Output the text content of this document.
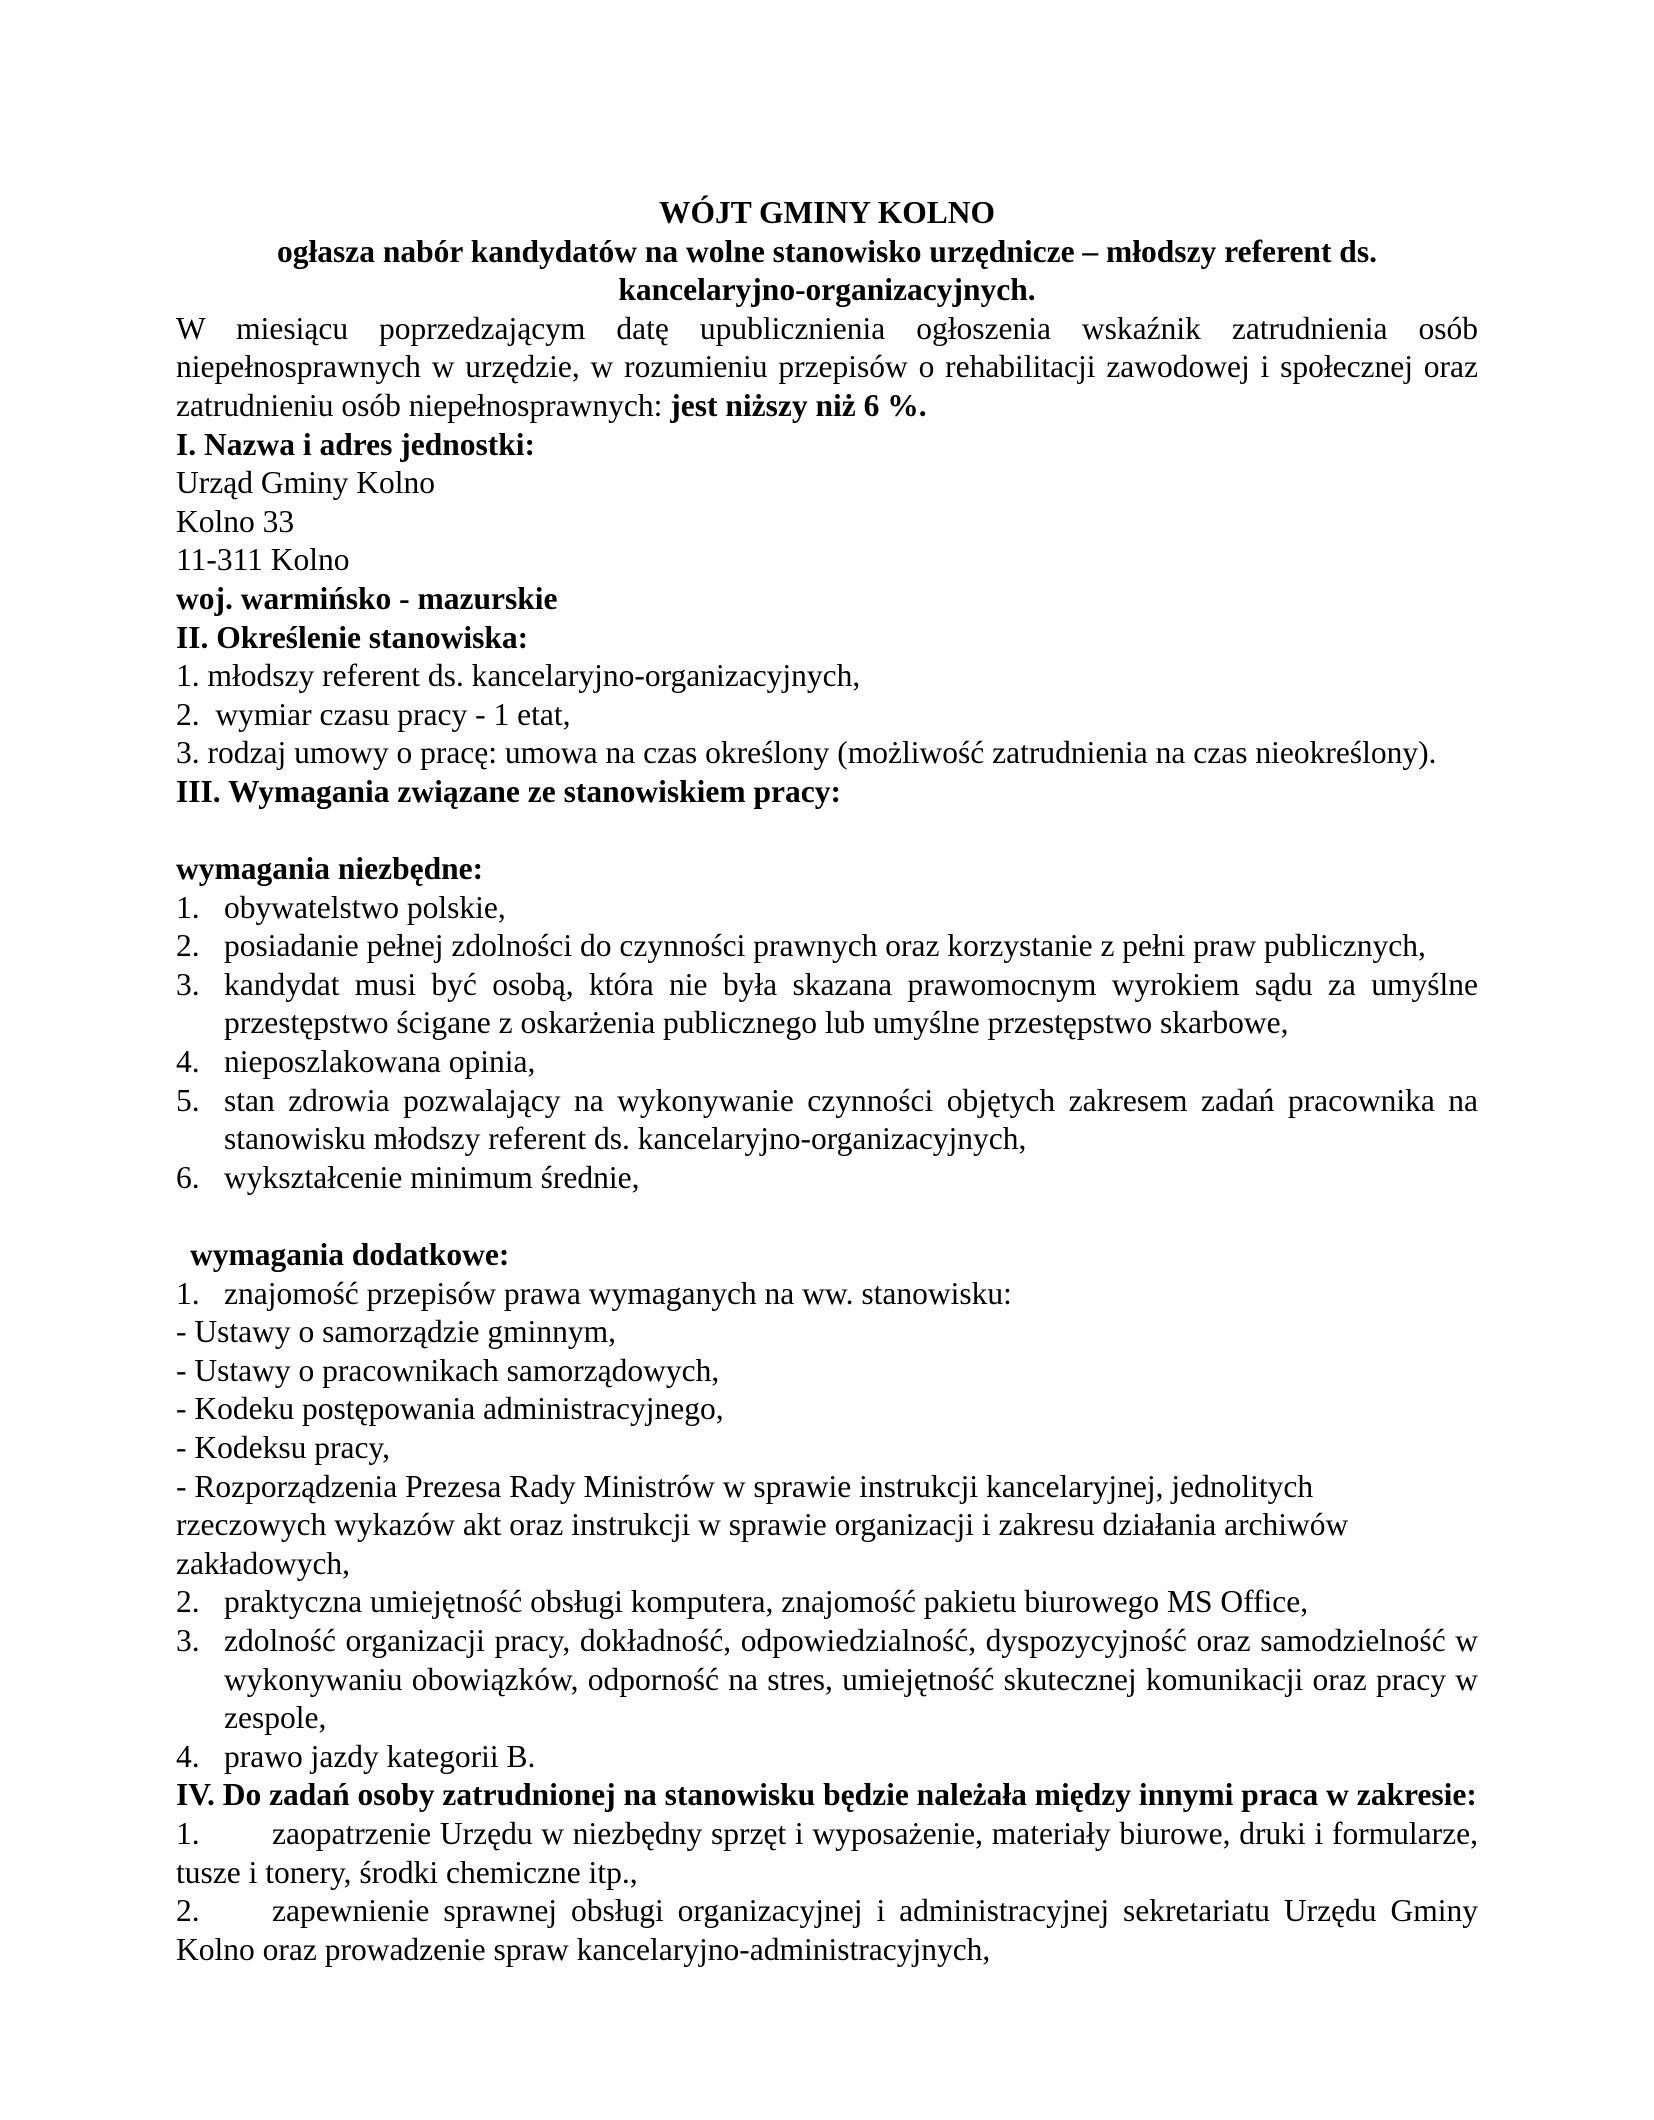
WÓJT GMINY KOLNO
ogłasza nabór kandydatów na wolne stanowisko urzędnicze – młodszy referent ds.
kancelaryjno-organizacyjnych.
W miesiącu poprzedzającym datę upublicznienia ogłoszenia wskaźnik zatrudnienia osób niepełnosprawnych w urzędzie, w rozumieniu przepisów o rehabilitacji zawodowej i społecznej oraz zatrudnieniu osób niepełnosprawnych: jest niższy niż 6 %.
I. Nazwa i adres jednostki:
Urząd Gminy Kolno
Kolno 33
11-311 Kolno
woj. warmińsko - mazurskie
II. Określenie stanowiska:
1. młodszy referent ds. kancelaryjno-organizacyjnych,
2. wymiar czasu pracy - 1 etat,
3. rodzaj umowy o pracę: umowa na czas określony (możliwość zatrudnienia na czas nieokreślony).
III. Wymagania związane ze stanowiskiem pracy:
wymagania niezbędne:
1. obywatelstwo polskie,
2. posiadanie pełnej zdolności do czynności prawnych oraz korzystanie z pełni praw publicznych,
3. kandydat musi być osobą, która nie była skazana prawomocnym wyrokiem sądu za umyślne przestępstwo ścigane z oskarżenia publicznego lub umyślne przestępstwo skarbowe,
4. nieposzlakowana opinia,
5. stan zdrowia pozwalający na wykonywanie czynności objętych zakresem zadań pracownika na stanowisku młodszy referent ds. kancelaryjno-organizacyjnych,
6. wykształcenie minimum średnie,
wymagania dodatkowe:
1. znajomość przepisów prawa wymaganych na ww. stanowisku:
- Ustawy o samorządzie gminnym,
- Ustawy o pracownikach samorządowych,
- Kodeku postępowania administracyjnego,
- Kodeksu pracy,
- Rozporządzenia Prezesa Rady Ministrów w sprawie instrukcji kancelaryjnej, jednolitych rzeczowych wykazów akt oraz instrukcji w sprawie organizacji i zakresu działania archiwów zakładowych,
2. praktyczna umiejętność obsługi komputera, znajomość pakietu biurowego MS Office,
3. zdolność organizacji pracy, dokładność, odpowiedzialność, dyspozycyjność oraz samodzielność w wykonywaniu obowiązków, odporność na stres, umiejętność skutecznej komunikacji oraz pracy w zespole,
4. prawo jazdy kategorii B.
IV. Do zadań osoby zatrudnionej na stanowisku będzie należała między innymi praca w zakresie:
1. zaopatrzenie Urzędu w niezbędny sprzęt i wyposażenie, materiały biurowe, druki i formularze, tusze i tonery, środki chemiczne itp.,
2. zapewnienie sprawnej obsługi organizacyjnej i administracyjnej sekretariatu Urzędu Gminy Kolno oraz prowadzenie spraw kancelaryjno-administracyjnych,
